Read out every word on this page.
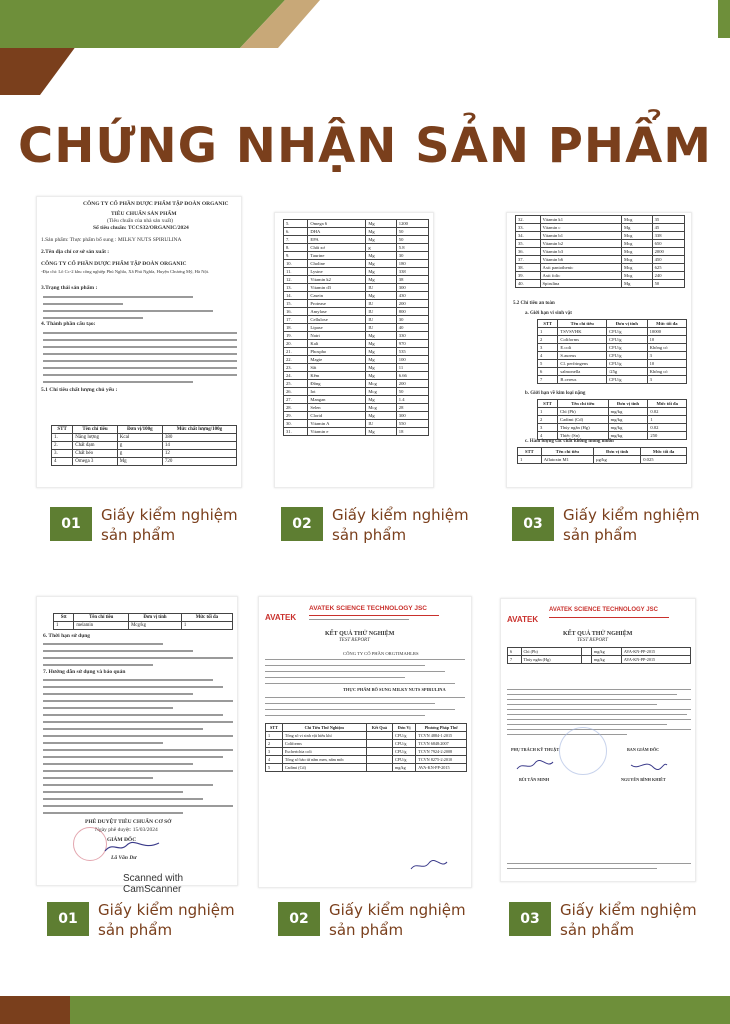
CHỨNG NHẬN SẢN PHẨM
CÔNG TY CỔ PHẦN DƯỢC PHẨM TẬP ĐOÀN ORGANIC
TIÊU CHUẨN SẢN PHẨM
(Tiêu chuẩn của nhà sản xuất)
Số tiêu chuẩn: TCCS32/ORGANIC/2024
1.Sản phẩm: Thực phẩm bổ sung : MILKY NUTS SPIRULINA
2.Tên địa chỉ cơ sở sản xuất :
CÔNG TY CỔ PHẦN DƯỢC PHẨM TẬP ĐOÀN ORGANIC
-Địa chỉ: Lô Cc-2 khu công nghiệp Phú Nghĩa, Xã Phú Nghĩa, Huyện Chương Mỹ, Hà Nội.
3.Trạng thái sản phẩm :
4. Thành phần cấu tạo:
5.1 Chỉ tiêu chất lượng chủ yếu :
STT	Tên chỉ tiêu	Đơn vị/100g	Mức chất lượng/100g
1.	Năng lượng	Kcal	380
2.	Chất đạm	g	14
3.	Chất béo	g	12
4	Omega 3	Mg	720
5.	Omega 6	Mg	1200
6.	DHA	Mg	50
7.	EPA	Mg	50
8.	Chất xơ	g	5.8
9.	Taurine	Mg	30
10.	Choline	Mg	180
11.	Lysine	Mg	338
12.	Vitamin k2	Mg	38
13.	Vitamin d3	IU	300
14.	Casein	Mg	430
15.	Protease	IU	200
16.	Amylase	IU	800
17.	Cellulose	IU	30
18.	Lipase	IU	40
19.	Natri	Mg	330
20.	Kali	Mg	970
21.	Phospho	Mg	535
22.	Magie	Mg	100
23.	Sắt	Mg	11
24.	Kẽm	Mg	6.66
25.	Đồng	Mcg	200
26.	Iot	Mcg	50
27.	Mangan	Mg	1.4
28.	Selen	Mcg	28
29.	Clorid	Mg	300
30.	Vitamin A	IU	550
31.	Vitamin e	Mg	18
32.	Vitamin k1	Mcg	35
33.	Vitamin c	Mg	45
34.	Vitamin b1	Mcg	338
35.	Vitamin b2	Mcg	650
36.	Vitamin b3	Mcg	2000
37.	Vitamin b6	Mcg	450
38.	Axit pantothenic	Mcg	625
39.	Axit folic	Mcg	240
40.	Spirulina	Mg	50
5.2 Chỉ tiêu an toàn
a. Giới hạn vi sinh vật
STT	Tên chỉ tiêu	Đơn vị tính	Mức tối đa
1	TSVSVHK	CFU/g	10000
2	Coliforms	CFU/g	10
3	E.coli	CFU/g	Không có
4	S.aureus	CFU/g	3
5	Cl. perfringens	CFU/g	10
6	salmonella	/25g	Không có
7	B.cereus	CFU/g	3
b. Giới hạn về kim loại nặng
STT	Tên chỉ tiêu	Đơn vị tính	Mức tối đa
1	Chì (Pb)	mg/kg	0.02
2	Cadimi (Cd)	mg/kg	1
3	Thủy ngân (Hg)	mg/kg	0.02
4	Thiếc (Sn)	mg/kg	250
c. Hàm lượng các chất không mong muốn
STT	Tên chỉ tiêu	Đơn vị tính	Mức tối đa
1	Aflatoxin M1	µg/kg	0.025
Stt	Tên chỉ tiêu	Đơn vị tính	Mức tối đa
1	melamin	Mcg/kg	1
6. Thời hạn sử dụng
7. Hướng dẫn sử dụng và bảo quản
PHÊ DUYỆT TIÊU CHUẨN CƠ SỞ
Ngày phê duyệt: 15/03/2024
GIÁM ĐỐC
Lã Văn Dư
Scanned with CamScanner
AVATEK
AVATEK SCIENCE TECHNOLOGY JSC
KẾT QUẢ THỬ NGHIỆM
TEST REPORT
CÔNG TY CỔ PHẦN ORGTIMAHLRS
THỰC PHẨM BỔ SUNG MILKY NUTS SPIRULINA
STT	Chỉ Tiêu Thử Nghiệm	Kết Quả	Đơn Vị	Phương Pháp Thử
1	Tổng số vi sinh vật hiếu khí		CFU/g	TCVN 4884-1:2015
2	Coliforms		CFU/g	TCVN 6848:2007
3	Escherichia coli		CFU/g	TCVN 7924-2:2008
4	Tổng số bào tử nấm men, nấm mốc		CFU/g	TCVN 8275-2:2010
5	Cadimi (Cd)		mg/kg	AVA-KN-PP-2015
AVATEK
AVATEK SCIENCE TECHNOLOGY JSC
KẾT QUẢ THỬ NGHIỆM
TEST REPORT
6	Chì (Pb)		mg/kg	AVA-KN-PP-2015
7	Thủy ngân (Hg)		mg/kg	AVA-KN-PP-2015
PHỤ TRÁCH KỸ THUẬT	BAN GIÁM ĐỐC
BÙI TÂN MINH	NGUYỄN BÌNH KHIÊT
01	Giấy kiểm nghiệm sản phẩm
02	Giấy kiểm nghiệm sản phẩm
03	Giấy kiểm nghiệm sản phẩm
01	Giấy kiểm nghiệm sản phẩm
02	Giấy kiểm nghiệm sản phẩm
03	Giấy kiểm nghiệm sản phẩm
